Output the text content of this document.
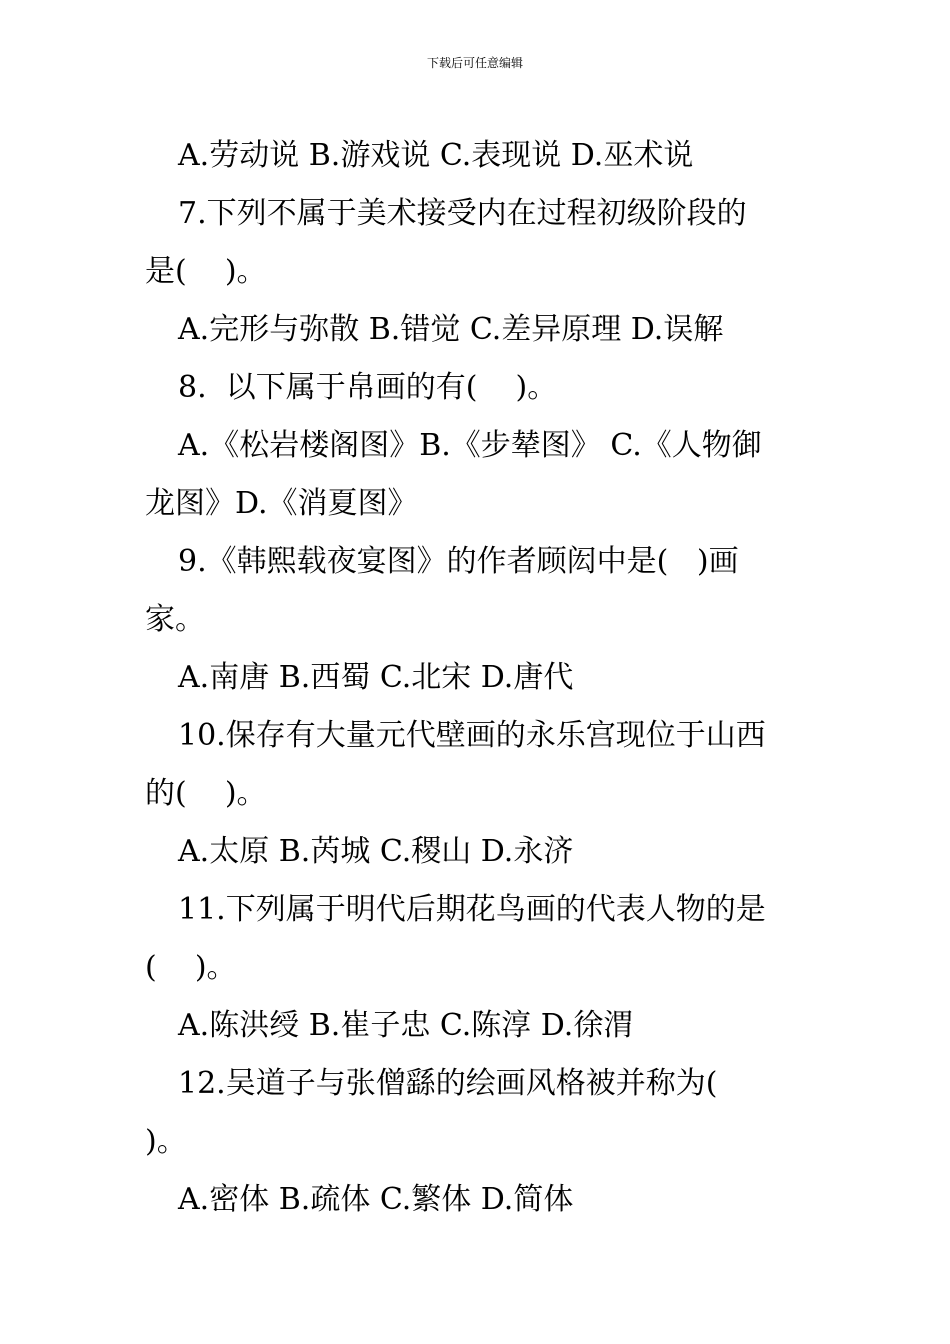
下载后可任意编辑
A.劳动说 B.游戏说 C.表现说 D.巫术说
7.下列不属于美术接受内在过程初级阶段的
是(    )。
A.完形与弥散 B.错觉 C.差异原理 D.误解
8.  以下属于帛画的有(    )。
A.《松岩楼阁图》B.《步辇图》 C.《人物御
龙图》D.《消夏图》
9.《韩熙载夜宴图》的作者顾闳中是(   )画
家。
A.南唐 B.西蜀 C.北宋 D.唐代
10.保存有大量元代壁画的永乐宫现位于山西
的(    )。
A.太原 B.芮城 C.稷山 D.永济
11.下列属于明代后期花鸟画的代表人物的是
(    )。
A.陈洪绶 B.崔子忠 C.陈淳 D.徐渭
12.吴道子与张僧繇的绘画风格被并称为(
)。
A.密体 B.疏体 C.繁体 D.简体
